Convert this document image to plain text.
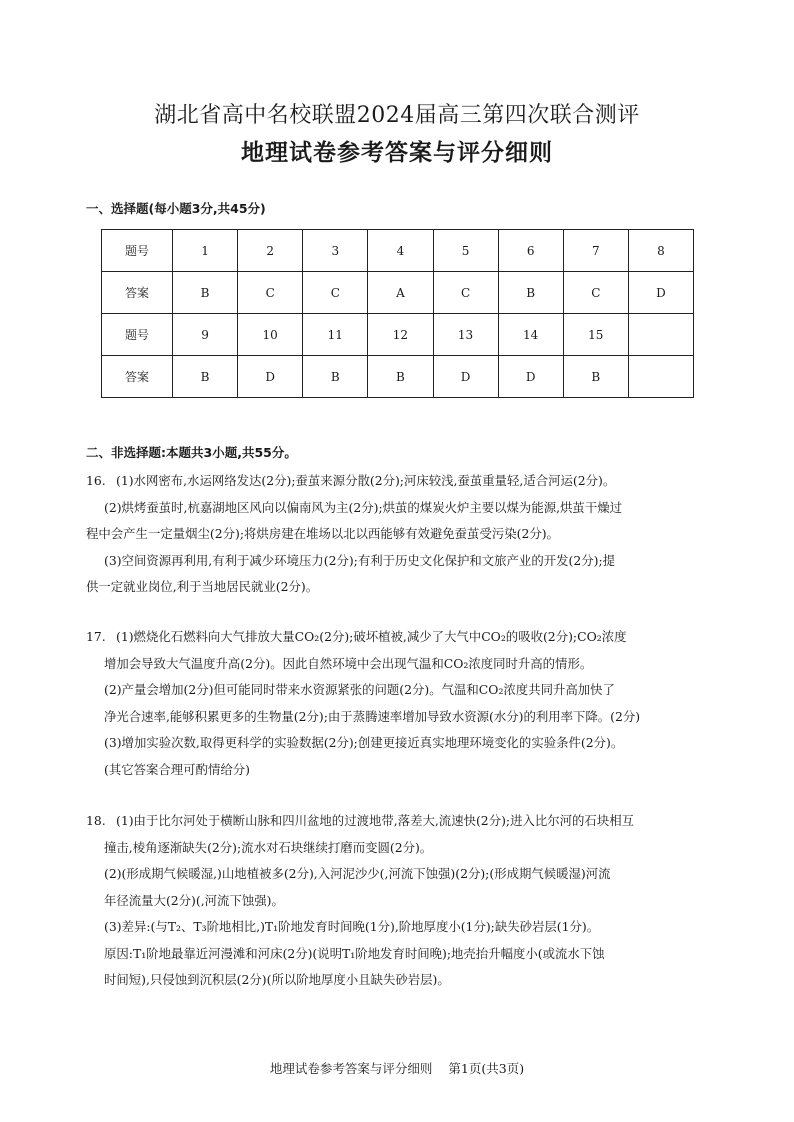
湖北省高中名校联盟2024届高三第四次联合测评
地理试卷参考答案与评分细则
一、选择题(每小题3分,共45分)
题号	1	2	3	4	5	6	7	8
答案	B	C	C	A	C	B	C	D
题号	9	10	11	12	13	14	15	
答案	B	D	B	B	D	D	B	
二、非选择题:本题共3小题,共55分。
16. (1)水网密布,水运网络发达(2分);蚕茧来源分散(2分);河床较浅,蚕茧重量轻,适合河运(2分)。
(2)烘烤蚕茧时,杭嘉湖地区风向以偏南风为主(2分);烘茧的煤炭火炉主要以煤为能源,烘茧干燥过
程中会产生一定量烟尘(2分);将烘房建在堆场以北以西能够有效避免蚕茧受污染(2分)。
(3)空间资源再利用,有利于减少环境压力(2分);有利于历史文化保护和文旅产业的开发(2分);提
供一定就业岗位,利于当地居民就业(2分)。
17. (1)燃烧化石燃料向大气排放大量CO₂(2分);破坏植被,减少了大气中CO₂的吸收(2分);CO₂浓度
增加会导致大气温度升高(2分)。因此自然环境中会出现气温和CO₂浓度同时升高的情形。
(2)产量会增加(2分)但可能同时带来水资源紧张的问题(2分)。气温和CO₂浓度共同升高加快了
净光合速率,能够积累更多的生物量(2分);由于蒸腾速率增加导致水资源(水分)的利用率下降。(2分)
(3)增加实验次数,取得更科学的实验数据(2分);创建更接近真实地理环境变化的实验条件(2分)。
(其它答案合理可酌情给分)
18. (1)由于比尔河处于横断山脉和四川盆地的过渡地带,落差大,流速快(2分);进入比尔河的石块相互
撞击,棱角逐渐缺失(2分);流水对石块继续打磨而变圆(2分)。
(2)(形成期气候暖湿,)山地植被多(2分),入河泥沙少(,河流下蚀强)(2分);(形成期气候暖湿)河流
年径流量大(2分)(,河流下蚀强)。
(3)差异:(与T₂、T₃阶地相比,)T₁阶地发育时间晚(1分),阶地厚度小(1分);缺失砂岩层(1分)。
原因:T₁阶地最靠近河漫滩和河床(2分)(说明T₁阶地发育时间晚);地壳抬升幅度小(或流水下蚀
时间短),只侵蚀到沉积层(2分)(所以阶地厚度小且缺失砂岩层)。
地理试卷参考答案与评分细则 第1页(共3页)
